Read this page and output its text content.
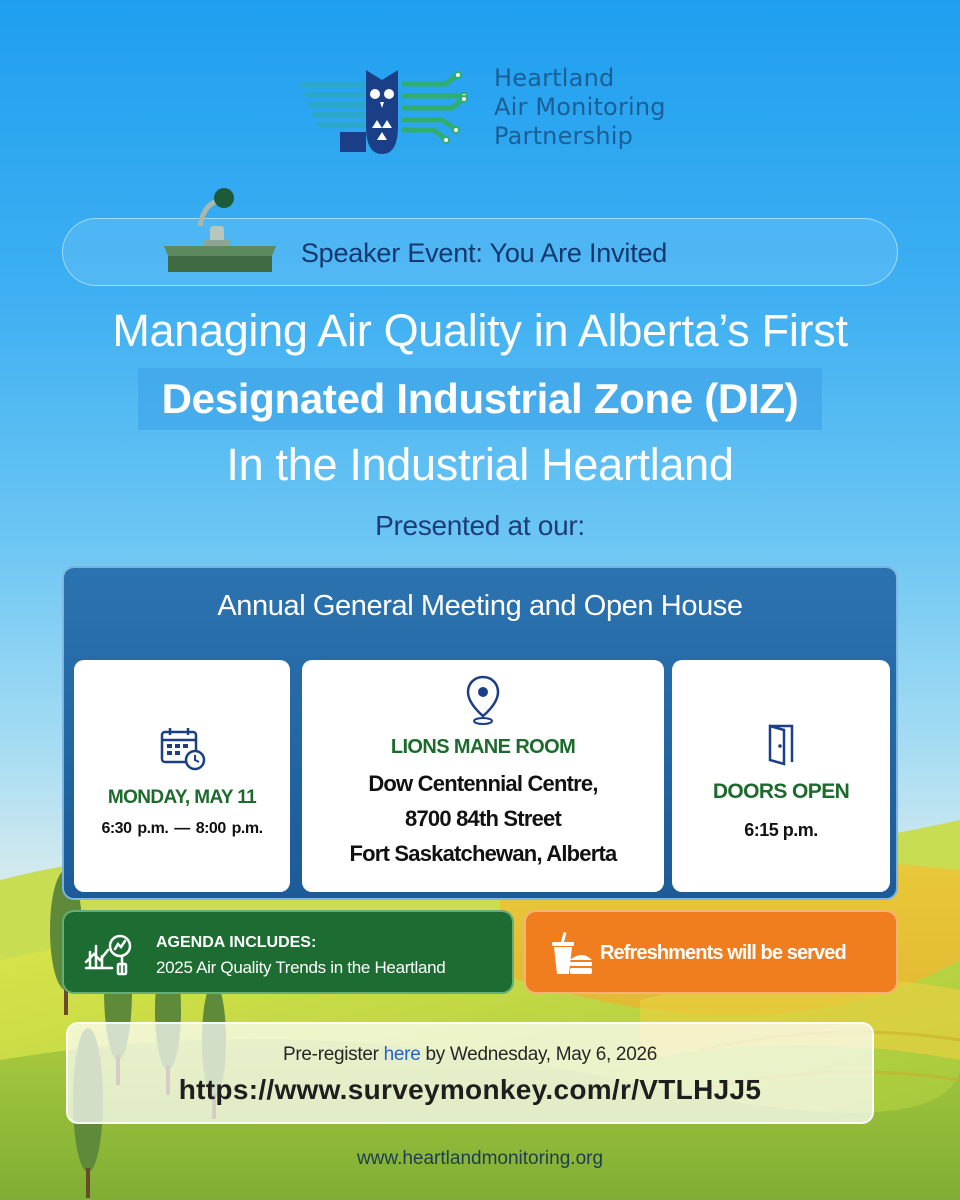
Heartland
Air Monitoring
Partnership
Speaker Event: You Are Invited
Managing Air Quality in Alberta’s First
Designated Industrial Zone (DIZ)
In the Industrial Heartland
Presented at our:
Annual General Meeting and Open House
MONDAY, MAY 11
6:30 p.m. — 8:00 p.m.
LIONS MANE ROOM
Dow Centennial Centre,
8700 84th Street
Fort Saskatchewan, Alberta
DOORS OPEN
6:15 p.m.
AGENDA INCLUDES:
2025 Air Quality Trends in the Heartland
Refreshments will be served
Pre-register here by Wednesday, May 6, 2026
https://www.surveymonkey.com/r/VTLHJJ5
www.heartlandmonitoring.org
